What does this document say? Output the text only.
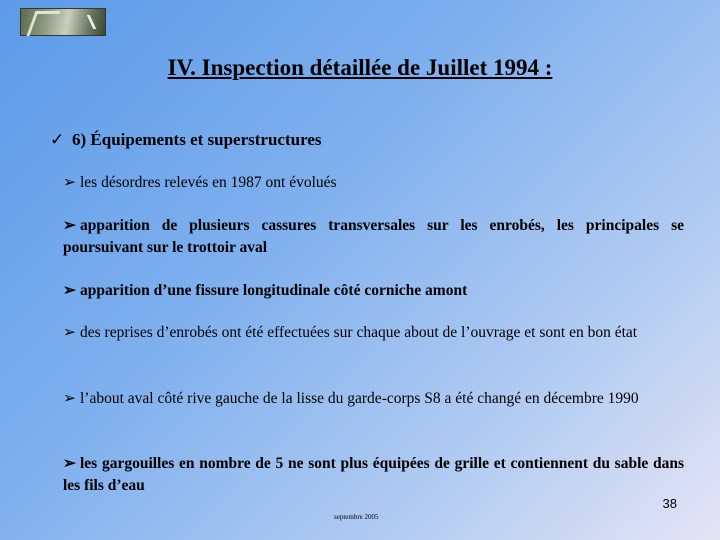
IV. Inspection détaillée de Juillet 1994 :
✓ 6) Équipements et superstructures
➢ les désordres relevés en 1987 ont évolués
➢ apparition de plusieurs cassures transversales sur les enrobés, les principales se poursuivant sur le trottoir aval
➢ apparition d’une fissure longitudinale côté corniche amont
➢ des reprises d’enrobés ont été effectuées sur chaque about de l’ouvrage et sont en bon état
➢ l’about aval côté rive gauche de la lisse du garde-corps S8 a été changé en décembre 1990
➢ les gargouilles en nombre de 5 ne sont plus équipées de grille et contiennent du sable dans les fils d’eau
38
septembre 2005
